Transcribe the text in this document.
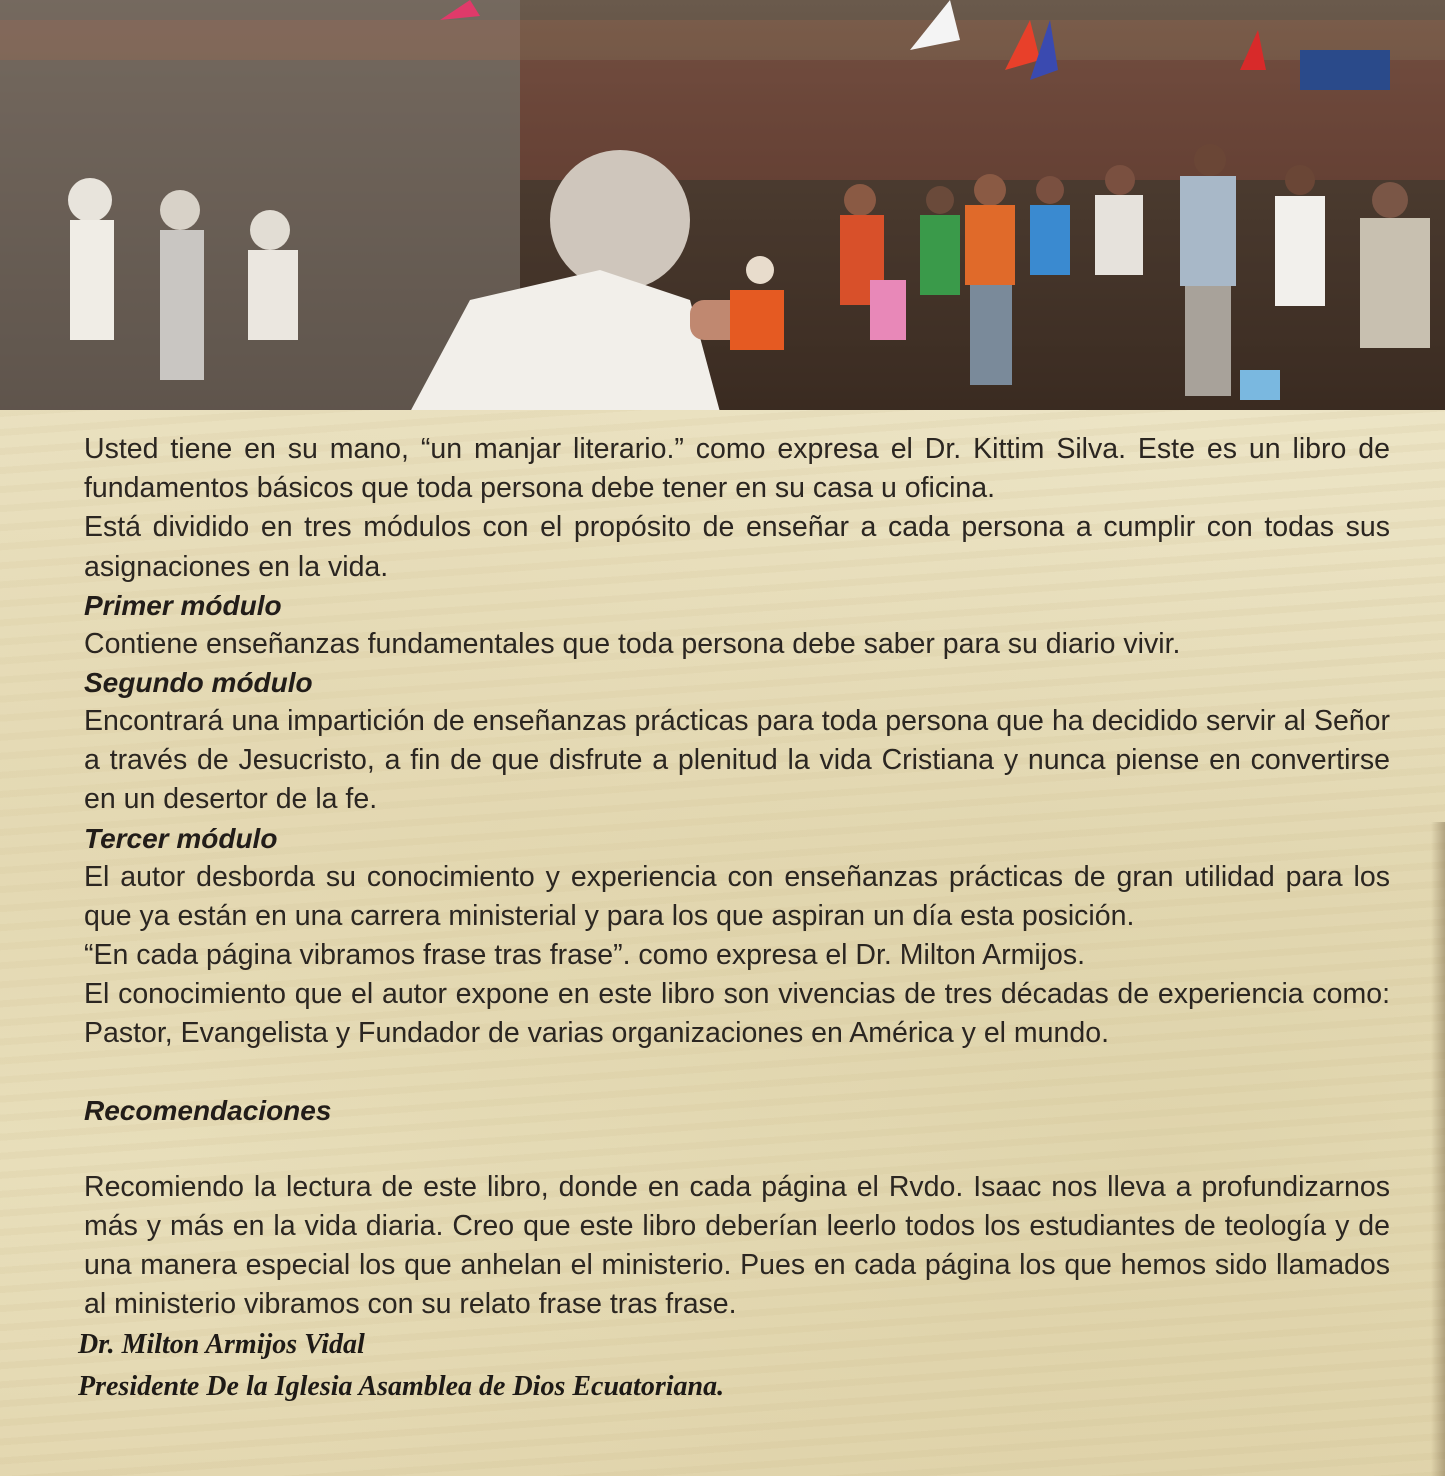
Usted tiene en su mano, “un manjar literario.” como expresa el Dr. Kittim Silva. Este es un libro de fundamentos básicos que toda persona debe tener en su casa u oficina.

Está dividido en tres módulos con el propósito de enseñar a cada persona a cumplir con todas sus asignaciones en la vida.

Primer módulo

Contiene enseñanzas fundamentales que toda persona debe saber para su diario vivir.

Segundo módulo

Encontrará una impartición de enseñanzas prácticas para toda persona que ha decidido servir al Señor a través de Jesucristo, a fin de que disfrute a plenitud la vida Cristiana y nunca piense en convertirse en un desertor de la fe.

Tercer módulo

El autor desborda su conocimiento y experiencia con enseñanzas prácticas de gran utilidad para los que ya están en una carrera ministerial y para los que aspiran un día esta posición.

“En cada página vibramos frase tras frase”. como expresa el Dr. Milton Armijos.

El conocimiento que el autor expone en este libro son vivencias de tres décadas de experiencia como: Pastor, Evangelista y Fundador de varias organizaciones en América y el mundo.

Recomendaciones

Recomiendo la lectura de este libro, donde en cada página el Rvdo. Isaac nos lleva a profundizarnos más y más en la vida diaria. Creo que este libro deberían leerlo todos los estudiantes de teología y de una manera especial los que anhelan el ministerio. Pues en cada página los que hemos sido llamados al ministerio vibramos con su relato frase tras frase.

Dr. Milton Armijos Vidal
Presidente De la Iglesia Asamblea de Dios Ecuatoriana.
